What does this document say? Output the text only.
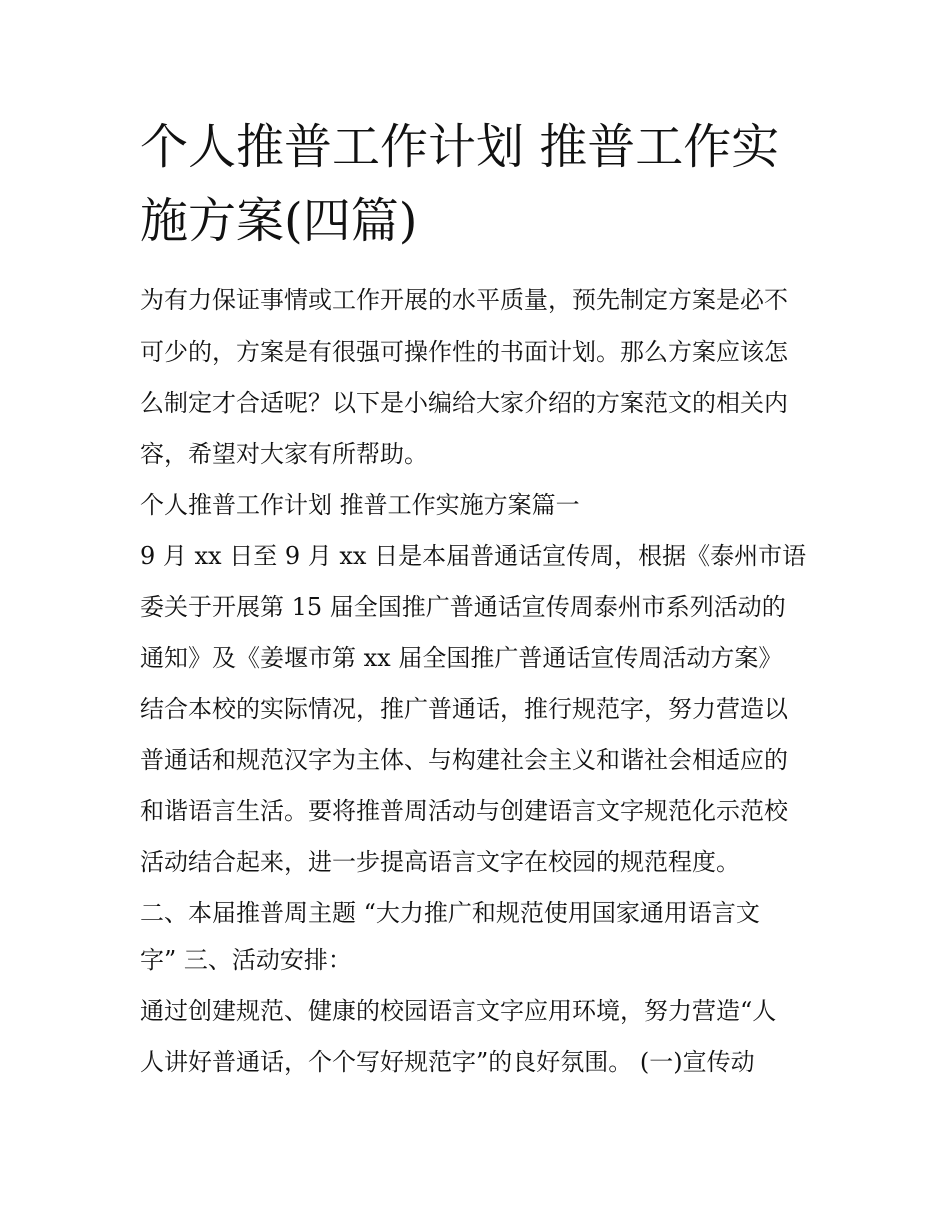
个人推普工作计划 推普工作实
施方案(四篇)

为有力保证事情或工作开展的水平质量，预先制定方案是必不

可少的，方案是有很强可操作性的书面计划。那么方案应该怎

么制定才合适呢？以下是小编给大家介绍的方案范文的相关内

容，希望对大家有所帮助。

个人推普工作计划 推普工作实施方案篇一

9 月 xx 日至 9 月 xx 日是本届普通话宣传周，根据《泰州市语

委关于开展第 15 届全国推广普通话宣传周泰州市系列活动的

通知》及《姜堰市第 xx 届全国推广普通话宣传周活动方案》

结合本校的实际情况，推广普通话，推行规范字，努力营造以

普通话和规范汉字为主体、与构建社会主义和谐社会相适应的

和谐语言生活。要将推普周活动与创建语言文字规范化示范校

活动结合起来，进一步提高语言文字在校园的规范程度。

二、本届推普周主题 “大力推广和规范使用国家通用语言文

字” 三、活动安排：

通过创建规范、健康的校园语言文字应用环境，努力营造“人

人讲好普通话，个个写好规范字”的良好氛围。 (一)宣传动
